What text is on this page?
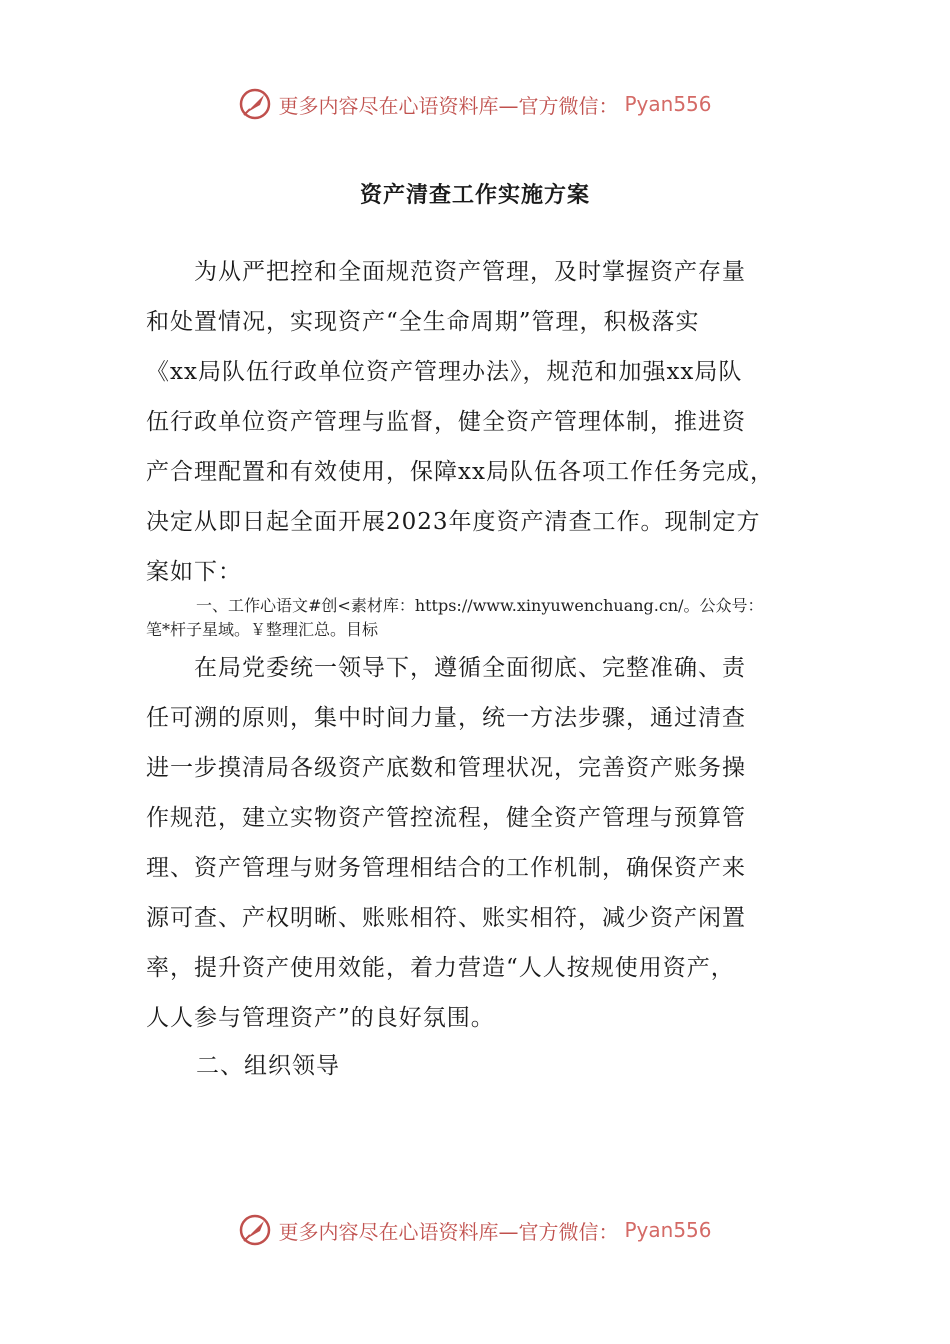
更多内容尽在心语资料库—官方微信： Pyan556
资产清查工作实施方案
为从严把控和全面规范资产管理，及时掌握资产存量
和处置情况，实现资产“全生命周期”管理，积极落实
《xx局队伍行政单位资产管理办法》，规范和加强xx局队
伍行政单位资产管理与监督，健全资产管理体制，推进资
产合理配置和有效使用，保障xx局队伍各项工作任务完成，
决定从即日起全面开展2023年度资产清查工作。现制定方
案如下：
一、工作心语文#创<素材库：https://www.xinyuwenchuang.cn/。公众号：
笔*杆子星域。￥整理汇总。目标
在局党委统一领导下，遵循全面彻底、完整准确、责
任可溯的原则，集中时间力量，统一方法步骤，通过清查
进一步摸清局各级资产底数和管理状况，完善资产账务操
作规范，建立实物资产管控流程，健全资产管理与预算管
理、资产管理与财务管理相结合的工作机制，确保资产来
源可查、产权明晰、账账相符、账实相符，减少资产闲置
率，提升资产使用效能，着力营造“人人按规使用资产，
人人参与管理资产”的良好氛围。
二、组织领导
更多内容尽在心语资料库—官方微信： Pyan556
